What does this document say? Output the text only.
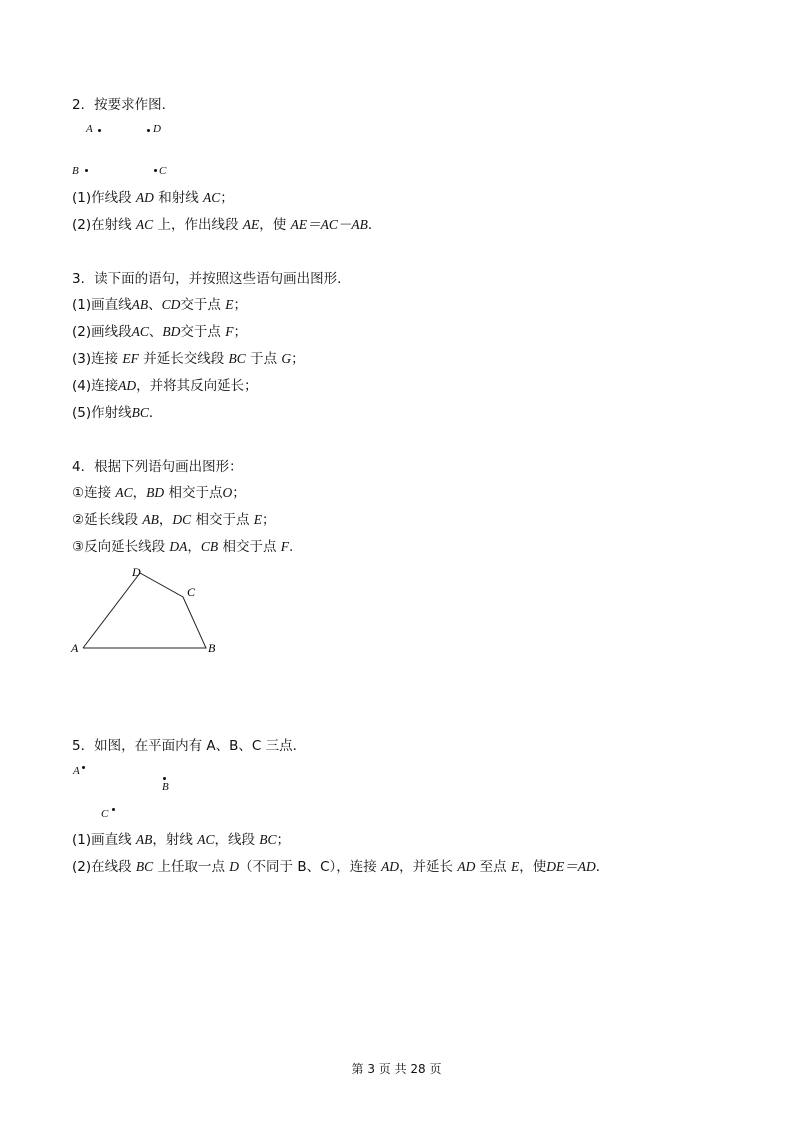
2．按要求作图．
A	D
B	C
(1)作线段 AD 和射线 AC；
(2)在射线 AC 上，作出线段 AE，使 AE＝AC－AB．
3．读下面的语句，并按照这些语句画出图形．
(1)画直线AB、CD交于点 E；
(2)画线段AC、BD交于点 F；
(3)连接 EF 并延长交线段 BC 于点 G；
(4)连接AD，并将其反向延长；
(5)作射线BC．
4．根据下列语句画出图形：
①连接 AC，BD 相交于点O；
②延长线段 AB，DC 相交于点 E；
③反向延长线段 DA，CB 相交于点 F.
A	B
C
D
5．如图，在平面内有 A、B、C 三点．
A
B
C
(1)画直线 AB，射线 AC，线段 BC；
(2)在线段 BC 上任取一点 D（不同于 B、C），连接 AD，并延长 AD 至点 E，使DE＝AD．
第 3 页 共 28 页
